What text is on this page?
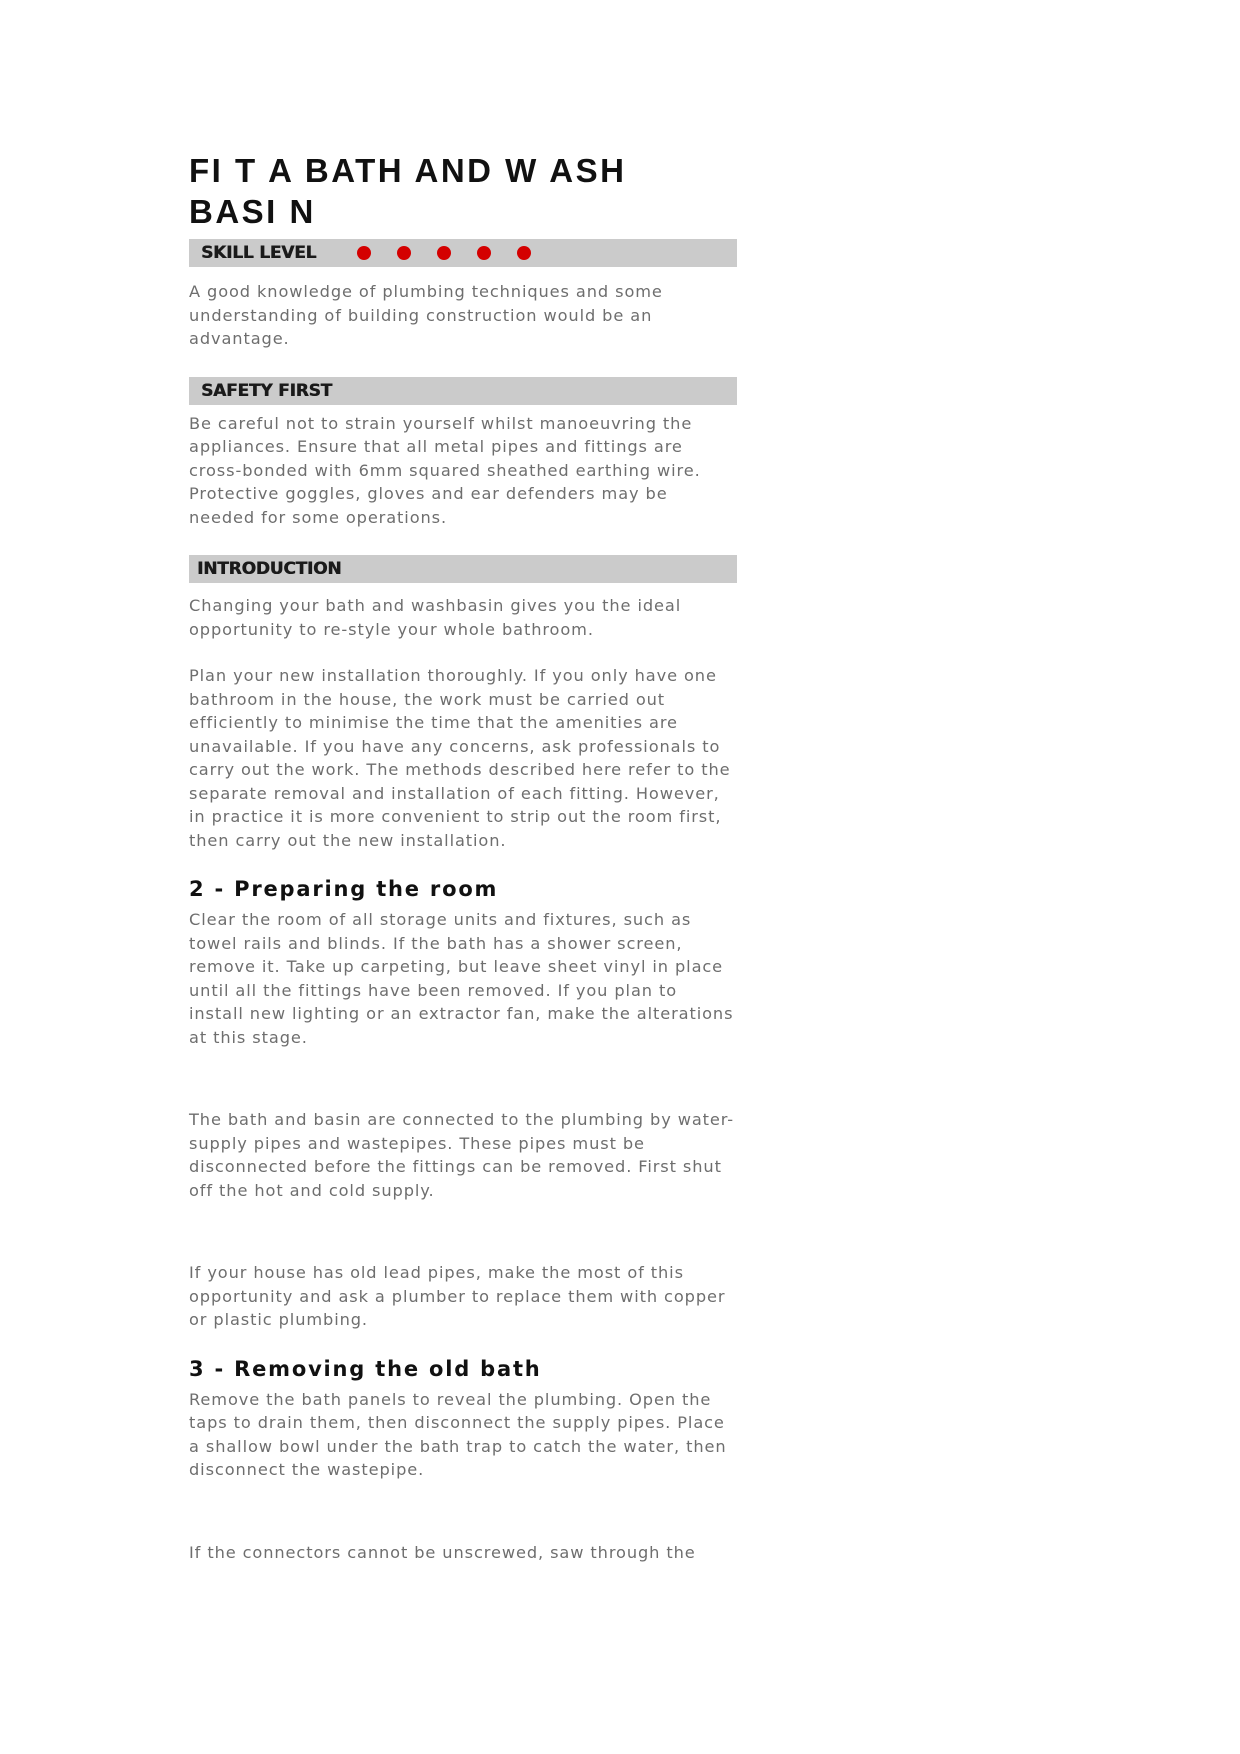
FI T A BATH AND W ASH
BASI N
SKILL LEVEL

A good knowledge of plumbing techniques and some understanding of building construction would be an advantage.

SAFETY FIRST

Be careful not to strain yourself whilst manoeuvring the appliances. Ensure that all metal pipes and fittings are cross-bonded with 6mm squared sheathed earthing wire. Protective goggles, gloves and ear defenders may be needed for some operations.

INTRODUCTION

Changing your bath and washbasin gives you the ideal opportunity to re-style your whole bathroom.

Plan your new installation thoroughly. If you only have one bathroom in the house, the work must be carried out efficiently to minimise the time that the amenities are unavailable. If you have any concerns, ask professionals to carry out the work. The methods described here refer to the separate removal and installation of each fitting. However, in practice it is more convenient to strip out the room first, then carry out the new installation.

2 - Preparing the room

Clear the room of all storage units and fixtures, such as towel rails and blinds. If the bath has a shower screen, remove it. Take up carpeting, but leave sheet vinyl in place until all the fittings have been removed. If you plan to install new lighting or an extractor fan, make the alterations at this stage.

The bath and basin are connected to the plumbing by water-supply pipes and wastepipes. These pipes must be disconnected before the fittings can be removed. First shut off the hot and cold supply.

If your house has old lead pipes, make the most of this opportunity and ask a plumber to replace them with copper or plastic plumbing.

3 - Removing the old bath

Remove the bath panels to reveal the plumbing. Open the taps to drain them, then disconnect the supply pipes. Place a shallow bowl under the bath trap to catch the water, then disconnect the wastepipe.

If the connectors cannot be unscrewed, saw through the
